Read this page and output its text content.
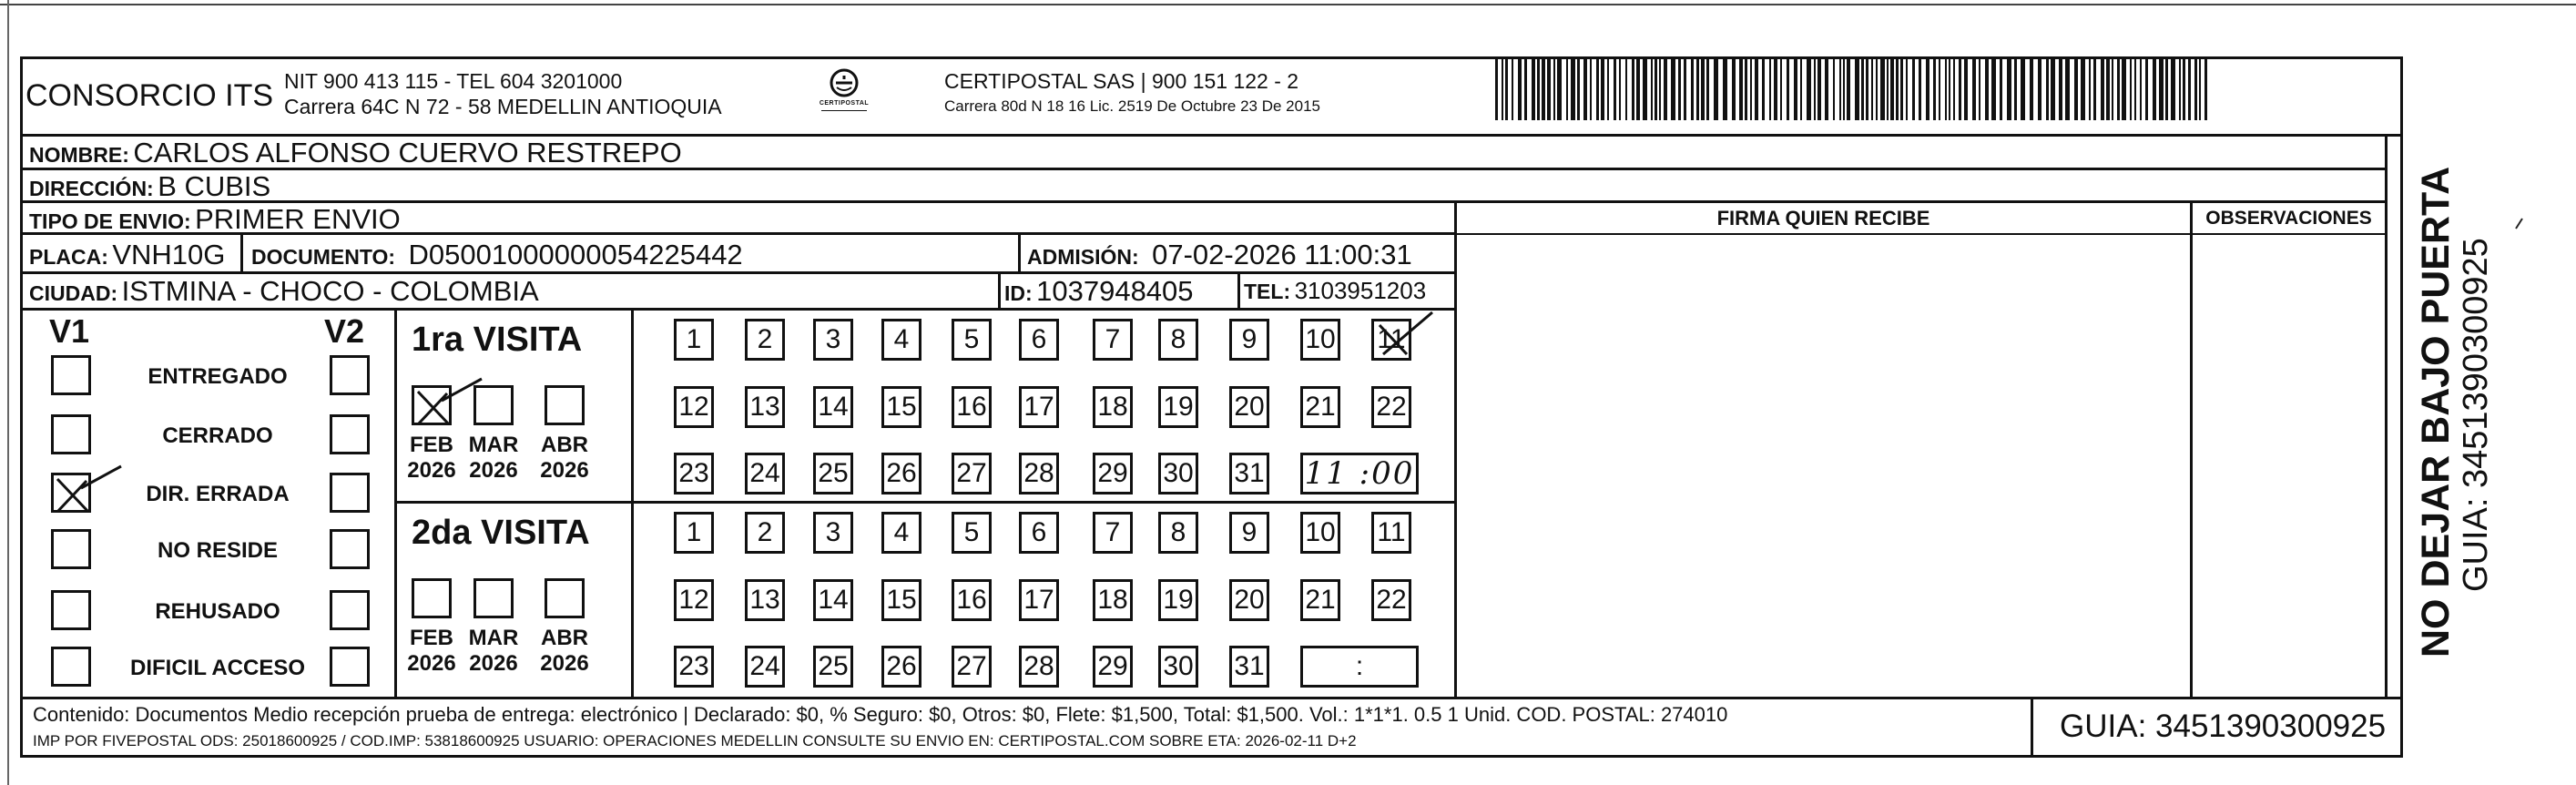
CONSORCIO ITS NIT 900 413 115 - TEL 604 3201000
Carrera 64C N 72 - 58 MEDELLIN ANTIOQUIA	CERTIPOSTAL
CERTIPOSTAL SAS | 900 151 122 - 2
Carrera 80d N 18 16 Lic. 2519 De Octubre 23 De 2015
NOMBRE: CARLOS ALFONSO CUERVO RESTREPO
DIRECCIÓN: B CUBIS
TIPO DE ENVIO: PRIMER ENVIO	FIRMA QUIEN RECIBE	OBSERVACIONES
PLACA: VNH10G DOCUMENTO: D05001000000054225442	ADMISIÓN: 07-02-2026 11:00:31
CIUDAD: ISTMINA - CHOCO - COLOMBIA	ID: 1037948405 TEL: 3103951203
V1	V2
ENTREGADO
CERRADO
DIR. ERRADA
NO RESIDE
REHUSADO
DIFICIL ACCESO
1ra VISITA
2da VISITA
FEB
2026
MAR
2026
ABR
2026
1 2 3 4 5 6 7 8 9 10 11
12 13 14 15 16 17 18 19 20 21 22
23 24 25 26 27 28 29 30 31 11 :00
FEB
2026
MAR
2026
ABR
2026
1 2 3 4 5 6 7 8 9 10 11
12 13 14 15 16 17 18 19 20 21 22
23 24 25 26 27 28 29 30 31	:
Contenido: Documentos Medio recepción prueba de entrega: electrónico | Declarado: $0, % Seguro: $0, Otros: $0, Flete: $1,500, Total: $1,500. Vol.: 1*1*1. 0.5 1 Unid. COD. POSTAL: 274010
IMP POR FIVEPOSTAL ODS: 25018600925 / COD.IMP: 53818600925 USUARIO: OPERACIONES MEDELLIN CONSULTE SU ENVIO EN: CERTIPOSTAL.COM SOBRE ETA: 2026-02-11 D+2	GUIA: 3451390300925
NO DEJAR BAJO PUERTA GUIA: 3451390300925
